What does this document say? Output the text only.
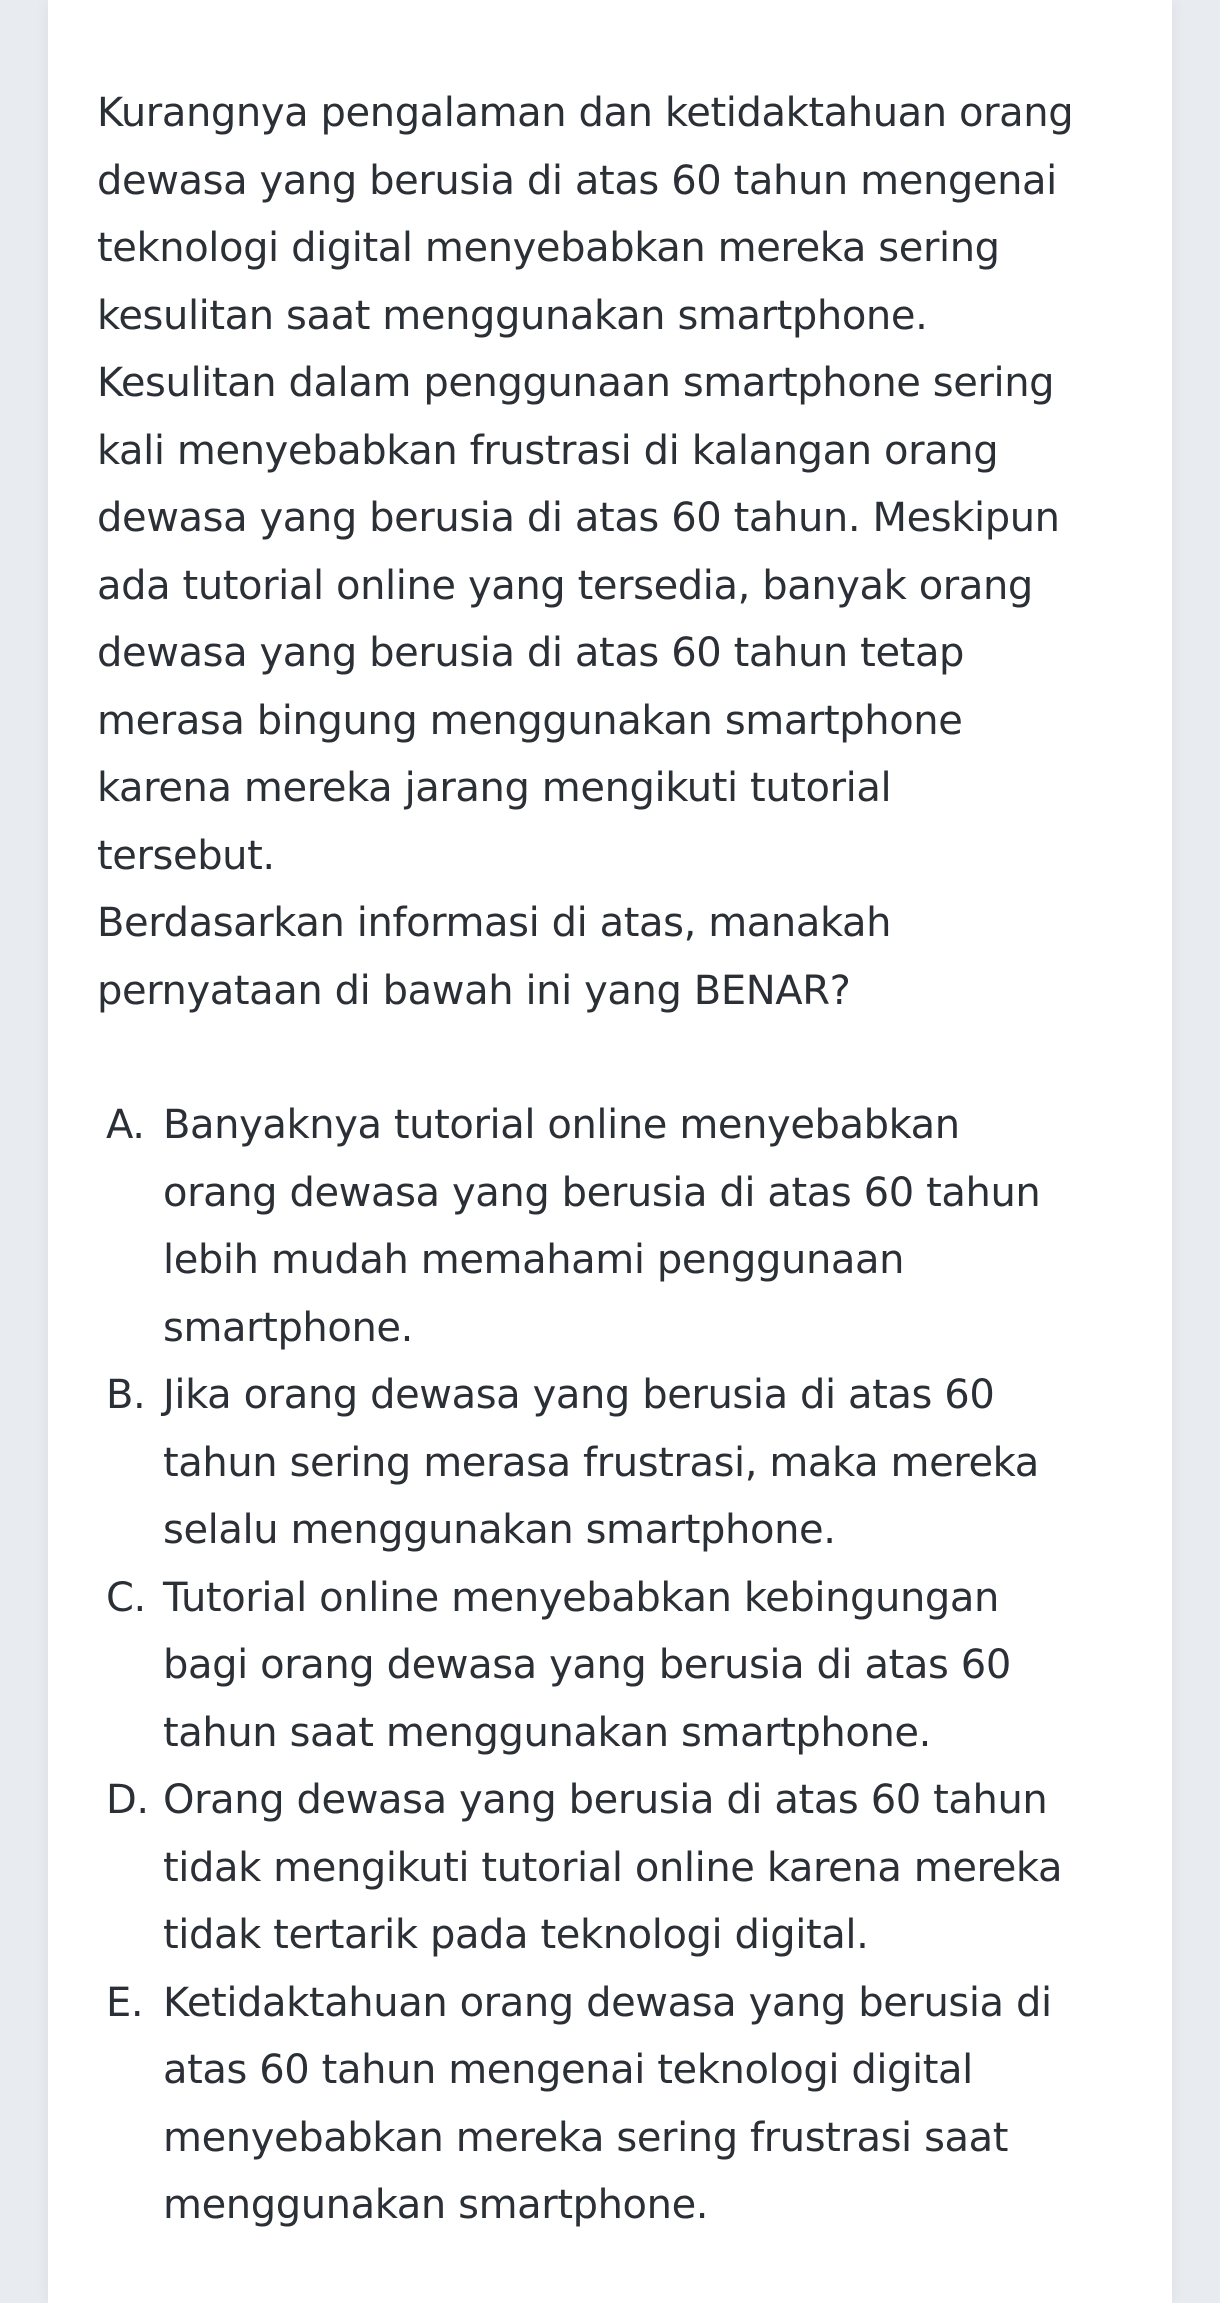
Kurangnya pengalaman dan ketidaktahuan orang

dewasa yang berusia di atas 60 tahun mengenai

teknologi digital menyebabkan mereka sering

kesulitan saat menggunakan smartphone.

Kesulitan dalam penggunaan smartphone sering

kali menyebabkan frustrasi di kalangan orang

dewasa yang berusia di atas 60 tahun. Meskipun

ada tutorial online yang tersedia, banyak orang

dewasa yang berusia di atas 60 tahun tetap

merasa bingung menggunakan smartphone

karena mereka jarang mengikuti tutorial

tersebut.

Berdasarkan informasi di atas, manakah

pernyataan di bawah ini yang BENAR?

A. Banyaknya tutorial online menyebabkan
orang dewasa yang berusia di atas 60 tahun
lebih mudah memahami penggunaan
smartphone.
B. Jika orang dewasa yang berusia di atas 60
tahun sering merasa frustrasi, maka mereka
selalu menggunakan smartphone.
C. Tutorial online menyebabkan kebingungan
bagi orang dewasa yang berusia di atas 60
tahun saat menggunakan smartphone.
D. Orang dewasa yang berusia di atas 60 tahun
tidak mengikuti tutorial online karena mereka
tidak tertarik pada teknologi digital.
E. Ketidaktahuan orang dewasa yang berusia di
atas 60 tahun mengenai teknologi digital
menyebabkan mereka sering frustrasi saat
menggunakan smartphone.
